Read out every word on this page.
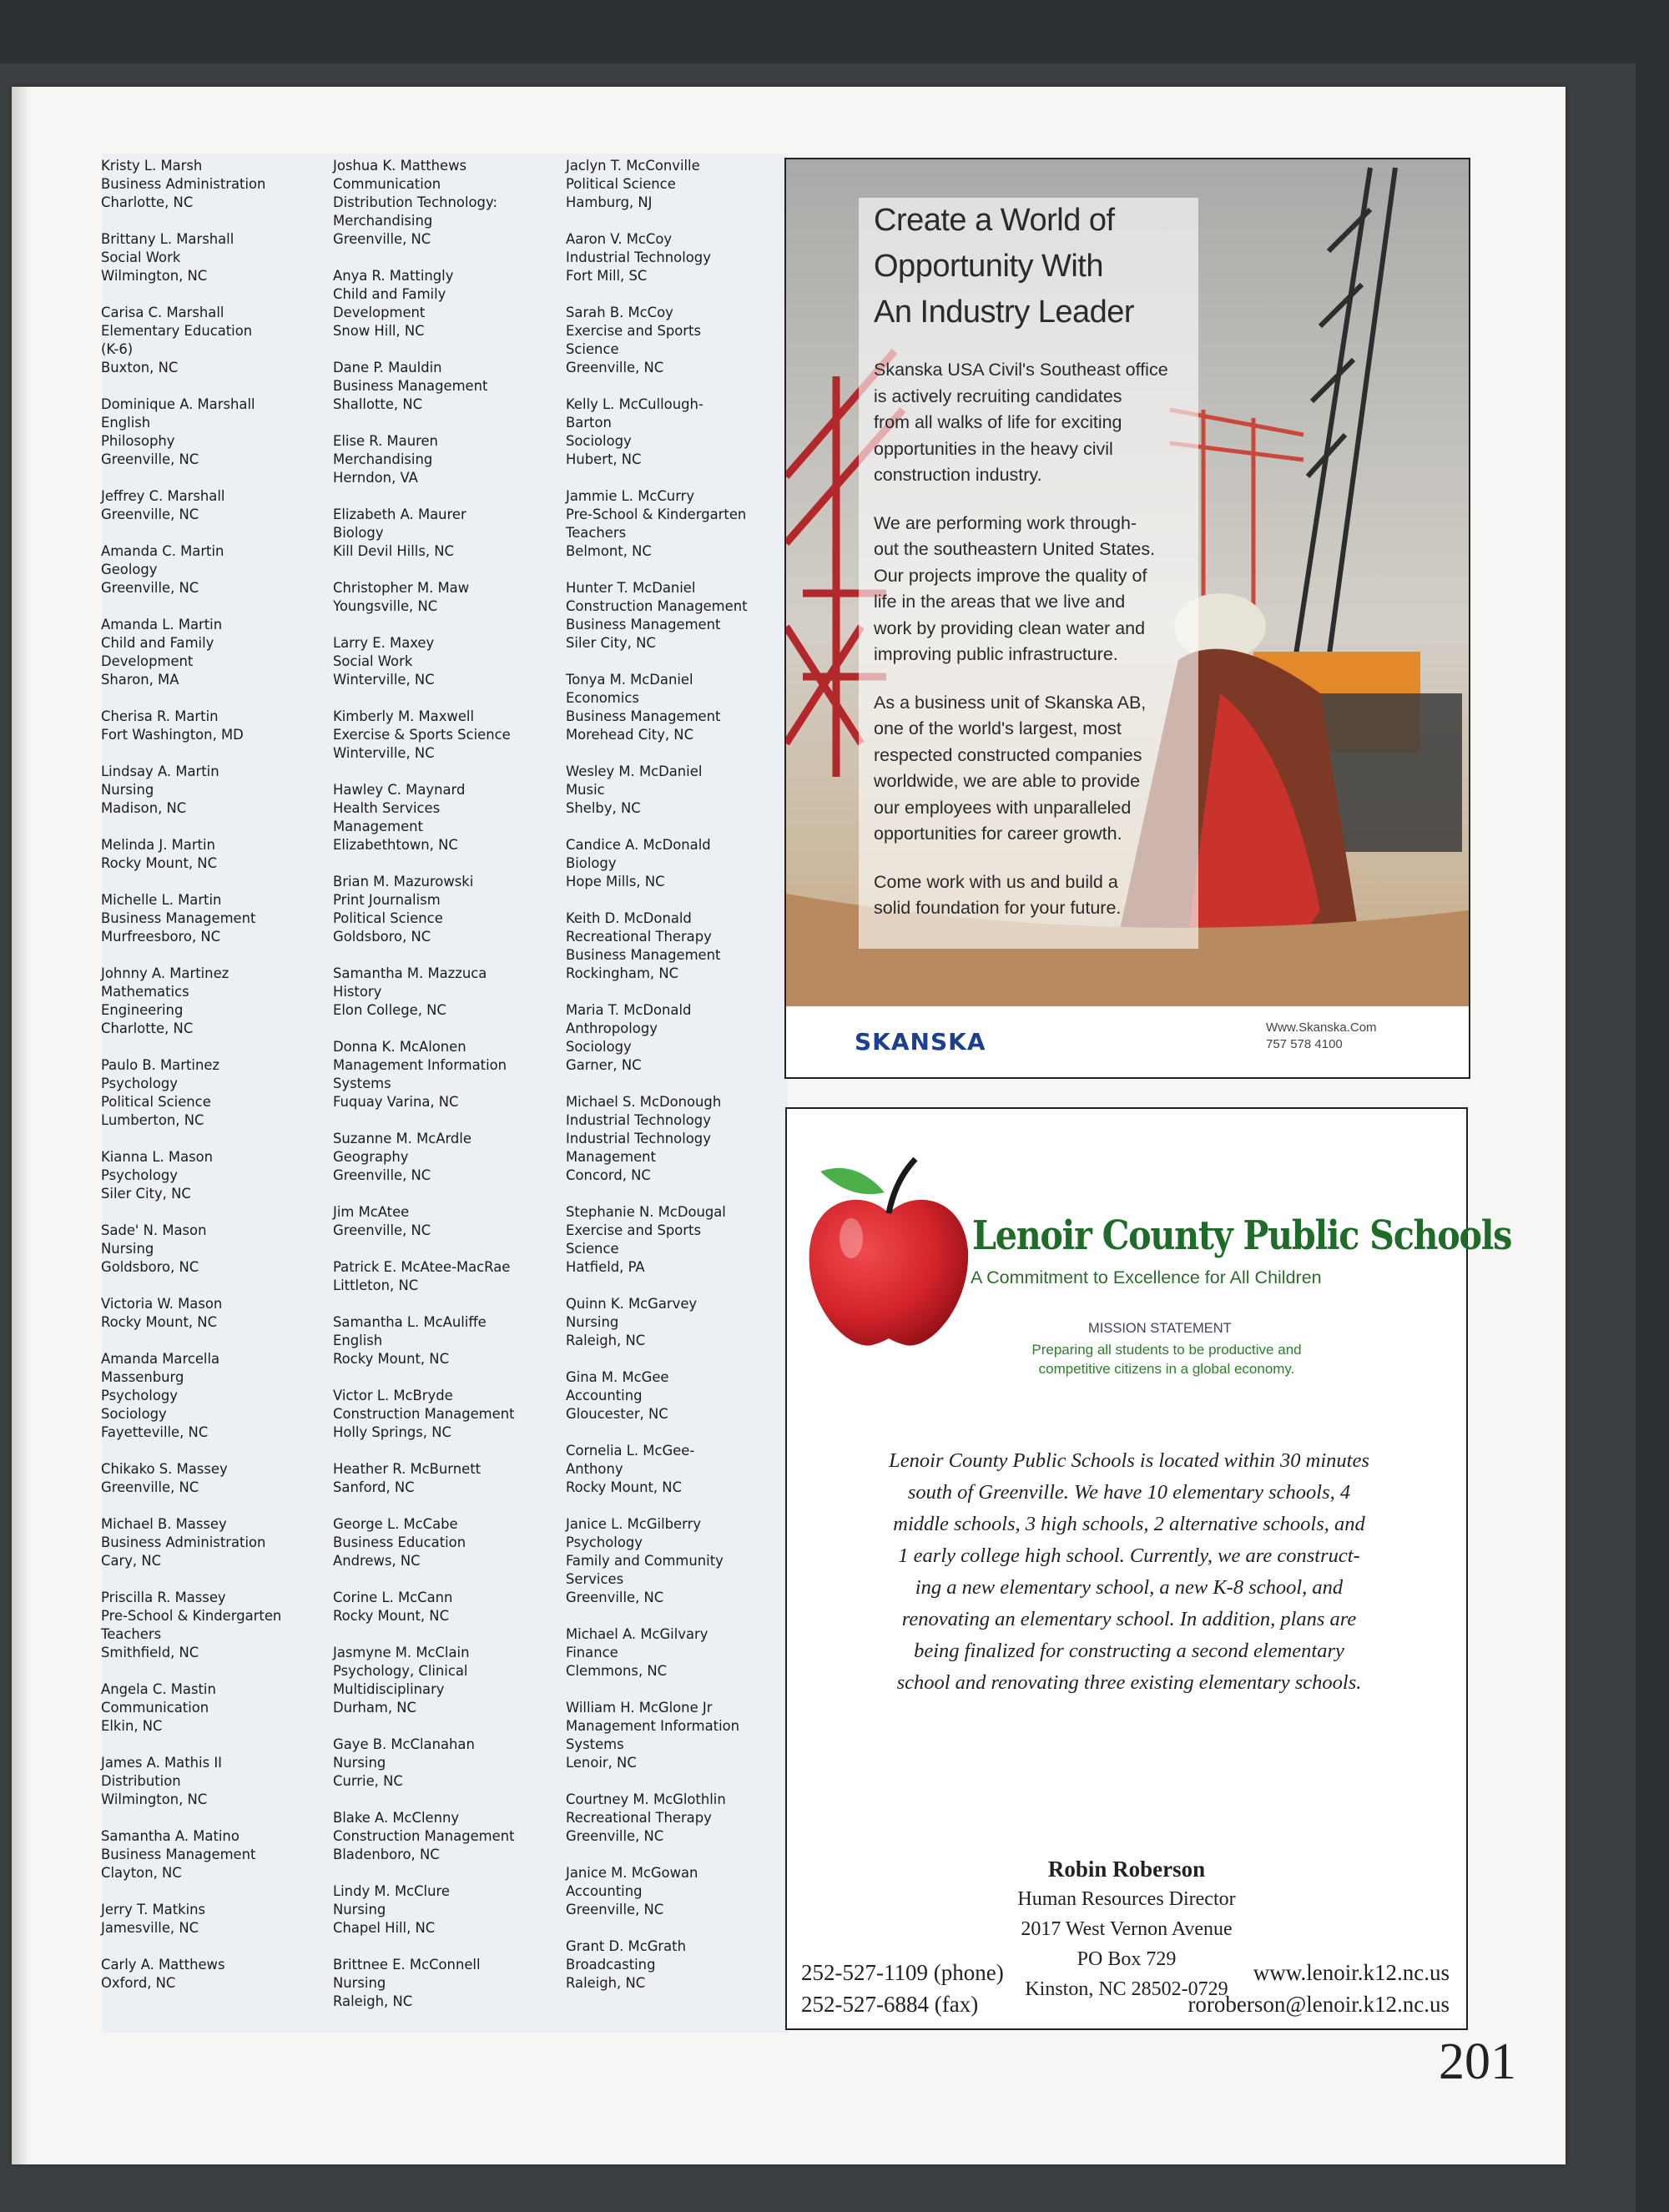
Kristy L. Marsh
Business Administration
Charlotte, NC
Brittany L. Marshall
Social Work
Wilmington, NC
Carisa C. Marshall
Elementary Education
(K-6)
Buxton, NC
Dominique A. Marshall
English
Philosophy
Greenville, NC
Jeffrey C. Marshall
Greenville, NC
Amanda C. Martin
Geology
Greenville, NC
Amanda L. Martin
Child and Family
Development
Sharon, MA
Cherisa R. Martin
Fort Washington, MD
Lindsay A. Martin
Nursing
Madison, NC
Melinda J. Martin
Rocky Mount, NC
Michelle L. Martin
Business Management
Murfreesboro, NC
Johnny A. Martinez
Mathematics
Engineering
Charlotte, NC
Paulo B. Martinez
Psychology
Political Science
Lumberton, NC
Kianna L. Mason
Psychology
Siler City, NC
Sade' N. Mason
Nursing
Goldsboro, NC
Victoria W. Mason
Rocky Mount, NC
Amanda Marcella
Massenburg
Psychology
Sociology
Fayetteville, NC
Chikako S. Massey
Greenville, NC
Michael B. Massey
Business Administration
Cary, NC
Priscilla R. Massey
Pre-School & Kindergarten
Teachers
Smithfield, NC
Angela C. Mastin
Communication
Elkin, NC
James A. Mathis II
Distribution
Wilmington, NC
Samantha A. Matino
Business Management
Clayton, NC
Jerry T. Matkins
Jamesville, NC
Carly A. Matthews
Oxford, NC
Joshua K. Matthews
Communication
Distribution Technology:
Merchandising
Greenville, NC
Anya R. Mattingly
Child and Family
Development
Snow Hill, NC
Dane P. Mauldin
Business Management
Shallotte, NC
Elise R. Mauren
Merchandising
Herndon, VA
Elizabeth A. Maurer
Biology
Kill Devil Hills, NC
Christopher M. Maw
Youngsville, NC
Larry E. Maxey
Social Work
Winterville, NC
Kimberly M. Maxwell
Exercise & Sports Science
Winterville, NC
Hawley C. Maynard
Health Services
Management
Elizabethtown, NC
Brian M. Mazurowski
Print Journalism
Political Science
Goldsboro, NC
Samantha M. Mazzuca
History
Elon College, NC
Donna K. McAlonen
Management Information
Systems
Fuquay Varina, NC
Suzanne M. McArdle
Geography
Greenville, NC
Jim McAtee
Greenville, NC
Patrick E. McAtee-MacRae
Littleton, NC
Samantha L. McAuliffe
English
Rocky Mount, NC
Victor L. McBryde
Construction Management
Holly Springs, NC
Heather R. McBurnett
Sanford, NC
George L. McCabe
Business Education
Andrews, NC
Corine L. McCann
Rocky Mount, NC
Jasmyne M. McClain
Psychology, Clinical
Multidisciplinary
Durham, NC
Gaye B. McClanahan
Nursing
Currie, NC
Blake A. McClenny
Construction Management
Bladenboro, NC
Lindy M. McClure
Nursing
Chapel Hill, NC
Brittnee E. McConnell
Nursing
Raleigh, NC
Jaclyn T. McConville
Political Science
Hamburg, NJ
Aaron V. McCoy
Industrial Technology
Fort Mill, SC
Sarah B. McCoy
Exercise and Sports
Science
Greenville, NC
Kelly L. McCullough-
Barton
Sociology
Hubert, NC
Jammie L. McCurry
Pre-School & Kindergarten
Teachers
Belmont, NC
Hunter T. McDaniel
Construction Management
Business Management
Siler City, NC
Tonya M. McDaniel
Economics
Business Management
Morehead City, NC
Wesley M. McDaniel
Music
Shelby, NC
Candice A. McDonald
Biology
Hope Mills, NC
Keith D. McDonald
Recreational Therapy
Business Management
Rockingham, NC
Maria T. McDonald
Anthropology
Sociology
Garner, NC
Michael S. McDonough
Industrial Technology
Industrial Technology
Management
Concord, NC
Stephanie N. McDougal
Exercise and Sports
Science
Hatfield, PA
Quinn K. McGarvey
Nursing
Raleigh, NC
Gina M. McGee
Accounting
Gloucester, NC
Cornelia L. McGee-
Anthony
Rocky Mount, NC
Janice L. McGilberry
Psychology
Family and Community
Services
Greenville, NC
Michael A. McGilvary
Finance
Clemmons, NC
William H. McGlone Jr
Management Information
Systems
Lenoir, NC
Courtney M. McGlothlin
Recreational Therapy
Greenville, NC
Janice M. McGowan
Accounting
Greenville, NC
Grant D. McGrath
Broadcasting
Raleigh, NC
Create a World of
Opportunity With
An Industry Leader
Skanska USA Civil's Southeast office
is actively recruiting candidates
from all walks of life for exciting
opportunities in the heavy civil
construction industry.
We are performing work through-
out the southeastern United States.
Our projects improve the quality of
life in the areas that we live and
work by providing clean water and
improving public infrastructure.
As a business unit of Skanska AB,
one of the world's largest, most
respected constructed companies
worldwide, we are able to provide
our employees with unparalleled
opportunities for career growth.
Come work with us and build a
solid foundation for your future.
SKANSKA
Www.Skanska.Com
757 578 4100
Lenoir County Public Schools
A Commitment to Excellence for All Children
MISSION STATEMENT
Preparing all students to be productive and
competitive citizens in a global economy.
Lenoir County Public Schools is located within 30 minutes
south of Greenville. We have 10 elementary schools, 4
middle schools, 3 high schools, 2 alternative schools, and
1 early college high school. Currently, we are construct-
ing a new elementary school, a new K-8 school, and
renovating an elementary school. In addition, plans are
being finalized for constructing a second elementary
school and renovating three existing elementary schools.
Robin Roberson
Human Resources Director
2017 West Vernon Avenue
PO Box 729
Kinston, NC 28502-0729
252-527-1109 (phone)
252-527-6884 (fax)
www.lenoir.k12.nc.us
roroberson@lenoir.k12.nc.us
201
